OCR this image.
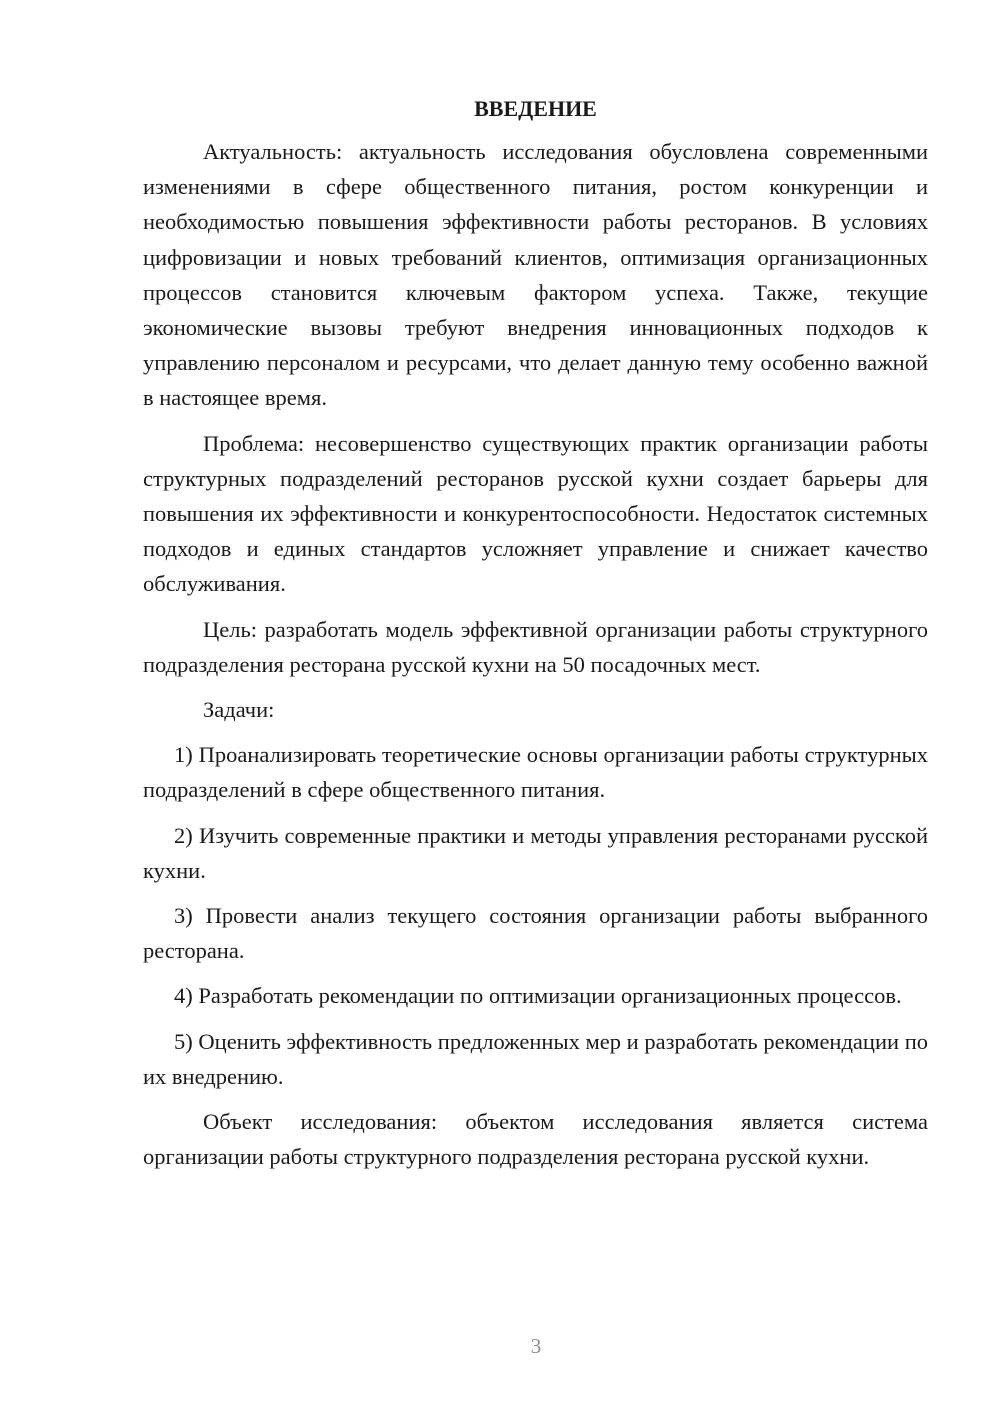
ВВЕДЕНИЕ

Актуальность: актуальность исследования обусловлена современными изменениями в сфере общественного питания, ростом конкуренции и необходимостью повышения эффективности работы ресторанов. В условиях цифровизации и новых требований клиентов, оптимизация организационных процессов становится ключевым фактором успеха. Также, текущие экономические вызовы требуют внедрения инновационных подходов к управлению персоналом и ресурсами, что делает данную тему особенно важной в настоящее время.

Проблема: несовершенство существующих практик организации работы структурных подразделений ресторанов русской кухни создает барьеры для повышения их эффективности и конкурентоспособности. Недостаток системных подходов и единых стандартов усложняет управление и снижает качество обслуживания.

Цель: разработать модель эффективной организации работы структурного подразделения ресторана русской кухни на 50 посадочных мест.

Задачи:

1) Проанализировать теоретические основы организации работы структурных подразделений в сфере общественного питания.

2) Изучить современные практики и методы управления ресторанами русской кухни.

3) Провести анализ текущего состояния организации работы выбранного ресторана.

4) Разработать рекомендации по оптимизации организационных процессов.

5) Оценить эффективность предложенных мер и разработать рекомендации по их внедрению.

Объект исследования: объектом исследования является система организации работы структурного подразделения ресторана русской кухни.

3
